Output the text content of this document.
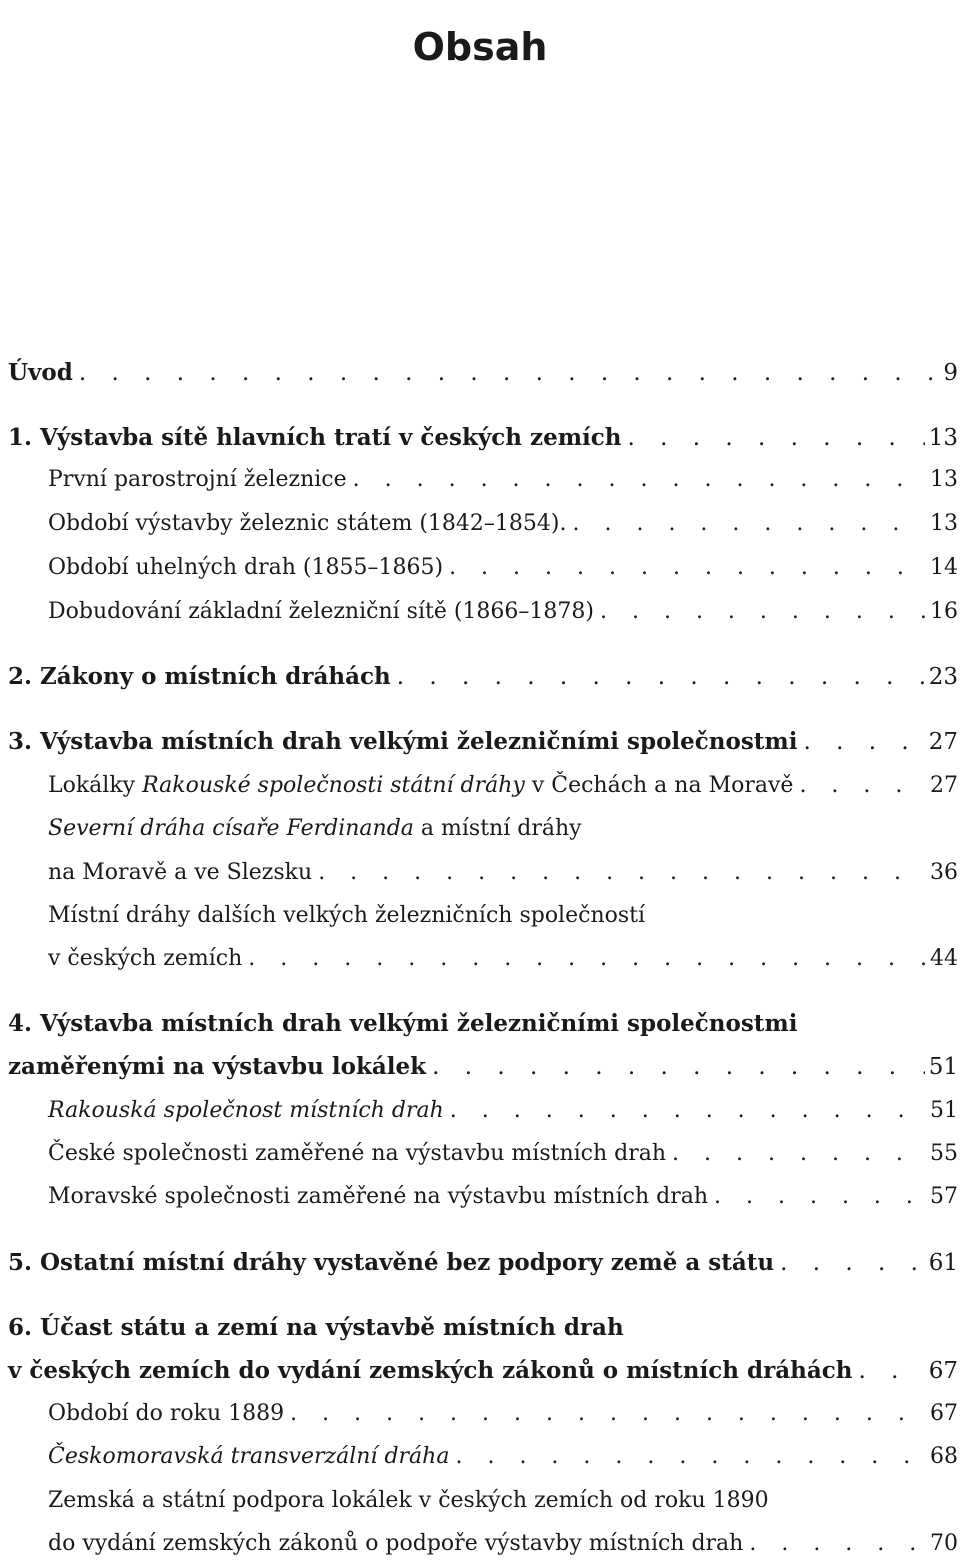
Obsah
Úvod . . .	9
1. Výstavba sítě hlavních tratí v českých zemích . . .	13
První parostrojní železnice . . .	13
Období výstavby železnic státem (1842–1854). . . .	13
Období uhelných drah (1855–1865) . . .	14
Dobudování základní železniční sítě (1866–1878) . . .	16
2. Zákony o místních dráhách . . .	23
3. Výstavba místních drah velkými železničními společnostmi . . .	27
Lokálky Rakouské společnosti státní dráhy v Čechách a na Moravě . . .	27
Severní dráha císaře Ferdinanda a místní dráhy
na Moravě a ve Slezsku . . .	36
Místní dráhy dalších velkých železničních společností
v českých zemích . . .	44
4. Výstavba místních drah velkými železničními společnostmi
zaměřenými na výstavbu lokálek . . .	51
Rakouská společnost místních drah . . .	51
České společnosti zaměřené na výstavbu místních drah . . .	55
Moravské společnosti zaměřené na výstavbu místních drah . . .	57
5. Ostatní místní dráhy vystavěné bez podpory země a státu . . .	61
6. Účast státu a zemí na výstavbě místních drah
v českých zemích do vydání zemských zákonů o místních dráhách . . .	67
Období do roku 1889 . . .	67
Českomoravská transverzální dráha . . .	68
Zemská a státní podpora lokálek v českých zemích od roku 1890
do vydání zemských zákonů o podpoře výstavby místních drah . . .	70
